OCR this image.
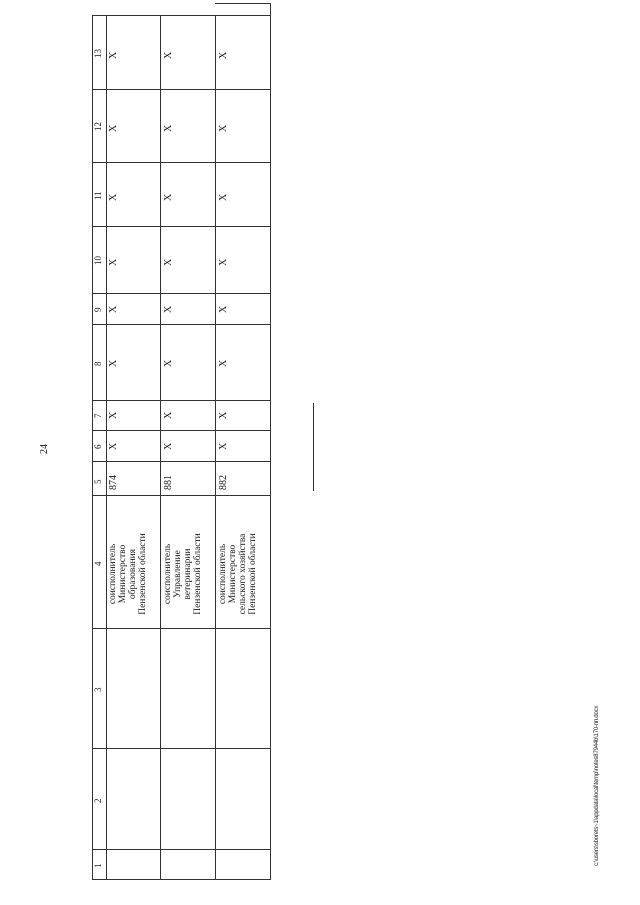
24
1
2
3
4
5
6
7
8
9
10
11
12
13
соисполнитель Министерство образования Пензенской области
874
Х
Х
Х
Х
Х
Х
Х
Х
соисполнитель Управление ветеринарии Пензенской области
881
Х
Х
Х
Х
Х
Х
Х
Х
соисполнитель Министерство сельского хозяйства Пензенской области
882
Х
Х
Х
Х
Х
Х
Х
Х
c:\users\sborets~1\appdata\local\temp\notes87944b\170-пп.docx
